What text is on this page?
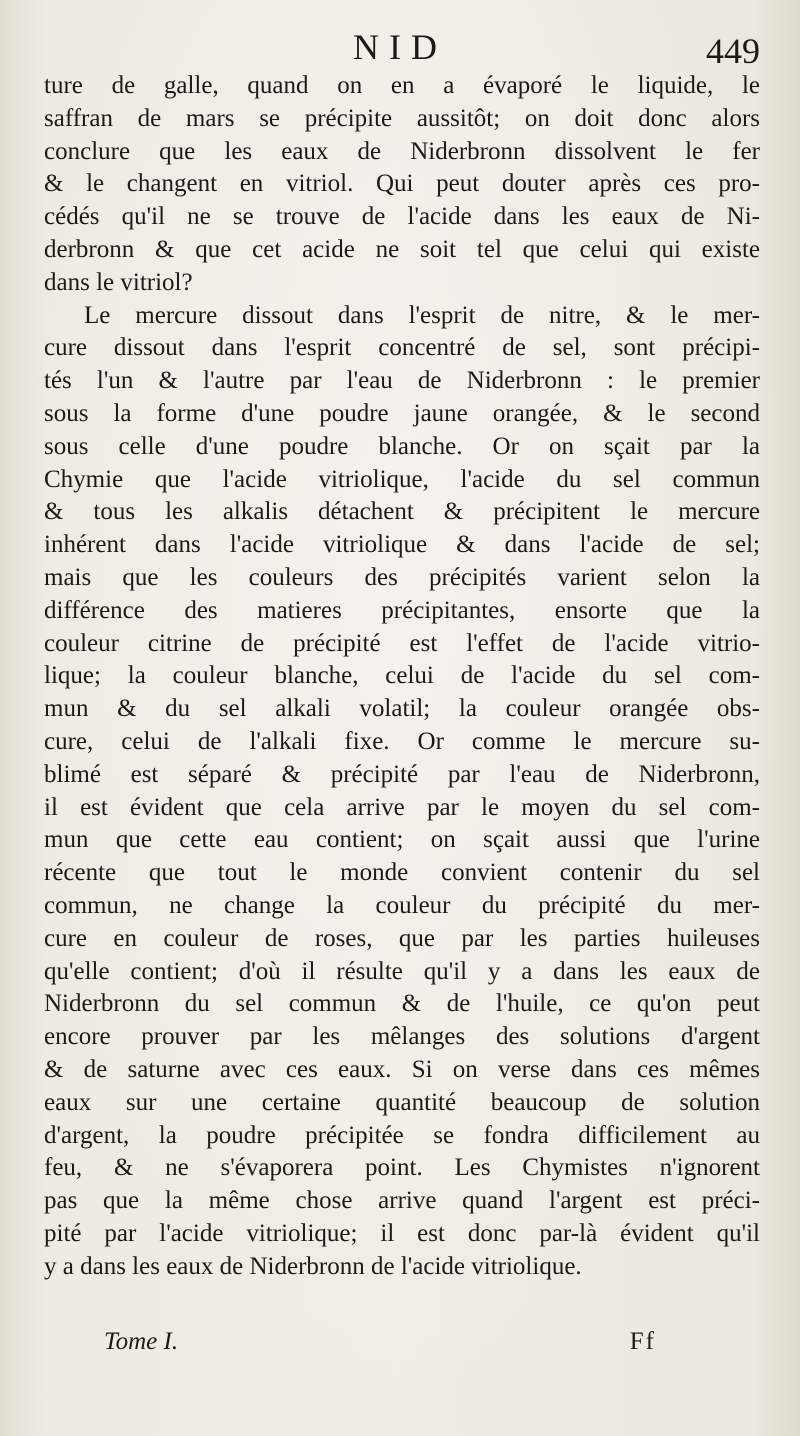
NID	449
ture de galle, quand on en a évaporé le liquide, le
saffran de mars se précipite aussitôt; on doit donc alors
conclure que les eaux de Niderbronn dissolvent le fer
& le changent en vitriol. Qui peut douter après ces pro-
cédés qu'il ne se trouve de l'acide dans les eaux de Ni-
derbronn & que cet acide ne soit tel que celui qui existe
dans le vitriol?
Le mercure dissout dans l'esprit de nitre, & le mer-
cure dissout dans l'esprit concentré de sel, sont précipi-
tés l'un & l'autre par l'eau de Niderbronn : le premier
sous la forme d'une poudre jaune orangée, & le second
sous celle d'une poudre blanche. Or on sçait par la
Chymie que l'acide vitriolique, l'acide du sel commun
& tous les alkalis détachent & précipitent le mercure
inhérent dans l'acide vitriolique & dans l'acide de sel;
mais que les couleurs des précipités varient selon la
différence des matieres précipitantes, ensorte que la
couleur citrine de précipité est l'effet de l'acide vitrio-
lique; la couleur blanche, celui de l'acide du sel com-
mun & du sel alkali volatil; la couleur orangée obs-
cure, celui de l'alkali fixe. Or comme le mercure su-
blimé est séparé & précipité par l'eau de Niderbronn,
il est évident que cela arrive par le moyen du sel com-
mun que cette eau contient; on sçait aussi que l'urine
récente que tout le monde convient contenir du sel
commun, ne change la couleur du précipité du mer-
cure en couleur de roses, que par les parties huileuses
qu'elle contient; d'où il résulte qu'il y a dans les eaux de
Niderbronn du sel commun & de l'huile, ce qu'on peut
encore prouver par les mêlanges des solutions d'argent
& de saturne avec ces eaux. Si on verse dans ces mêmes
eaux sur une certaine quantité beaucoup de solution
d'argent, la poudre précipitée se fondra difficilement au
feu, & ne s'évaporera point. Les Chymistes n'ignorent
pas que la même chose arrive quand l'argent est préci-
pité par l'acide vitriolique; il est donc par-là évident qu'il
y a dans les eaux de Niderbronn de l'acide vitriolique.
Tome I.	Ff
